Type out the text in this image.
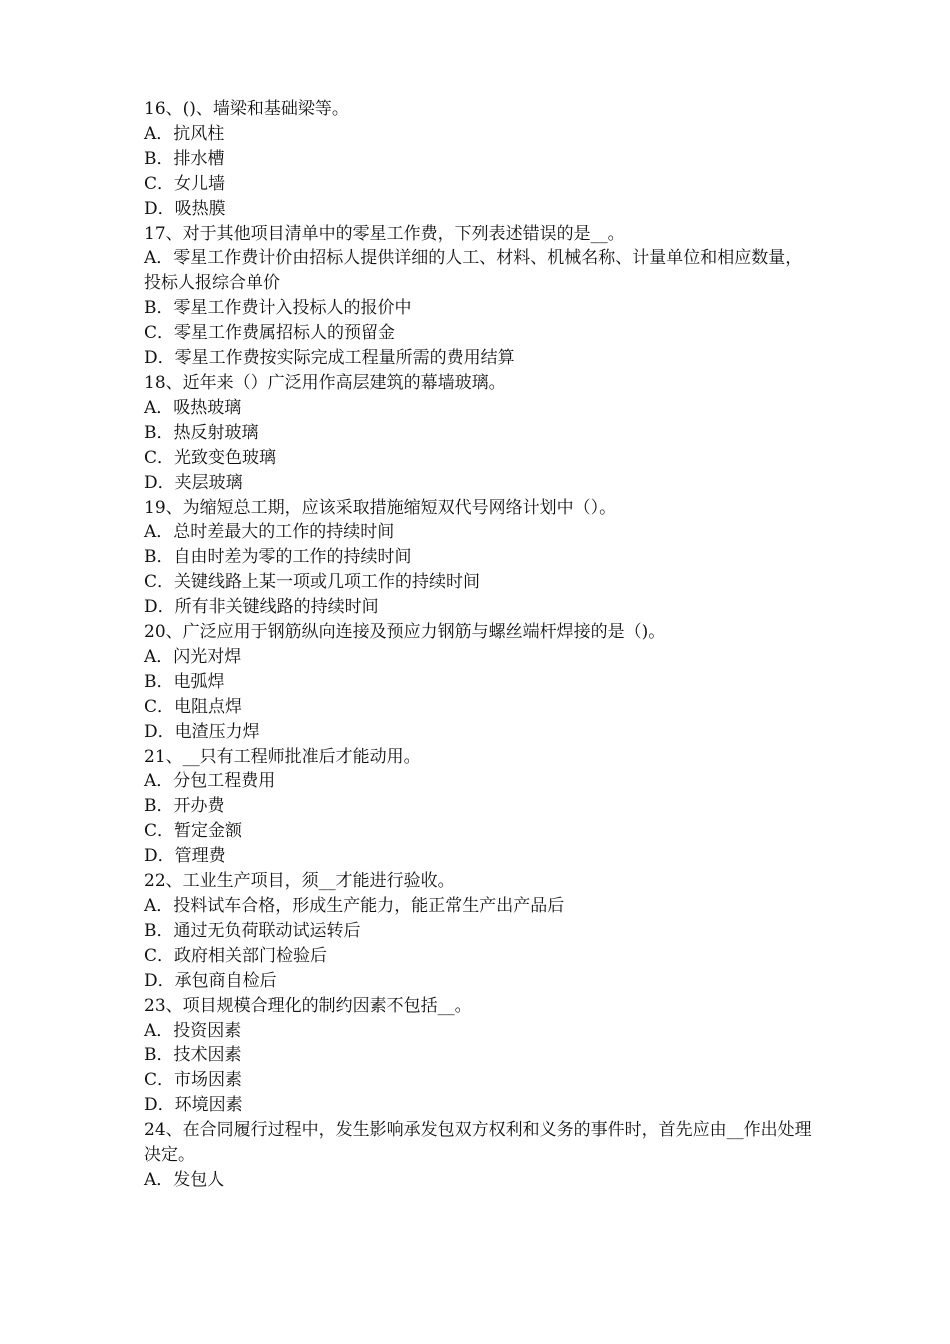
16、()、墙梁和基础梁等。

A．抗风柱

B．排水槽

C．女儿墙

D．吸热膜

17、对于其他项目清单中的零星工作费，下列表述错误的是__。

A．零星工作费计价由招标人提供详细的人工、材料、机械名称、计量单位和相应数量，投标人报综合单价

B．零星工作费计入投标人的报价中

C．零星工作费属招标人的预留金

D．零星工作费按实际完成工程量所需的费用结算

18、近年来（）广泛用作高层建筑的幕墙玻璃。

A．吸热玻璃

B．热反射玻璃

C．光致变色玻璃

D．夹层玻璃

19、为缩短总工期，应该采取措施缩短双代号网络计划中（）。

A．总时差最大的工作的持续时间

B．自由时差为零的工作的持续时间

C．关键线路上某一项或几项工作的持续时间

D．所有非关键线路的持续时间

20、广泛应用于钢筋纵向连接及预应力钢筋与螺丝端杆焊接的是（)。

A．闪光对焊

B．电弧焊

C．电阻点焊

D．电渣压力焊

21、__只有工程师批准后才能动用。

A．分包工程费用

B．开办费

C．暂定金额

D．管理费

22、工业生产项目，须__才能进行验收。

A．投料试车合格，形成生产能力，能正常生产出产品后

B．通过无负荷联动试运转后

C．政府相关部门检验后

D．承包商自检后

23、项目规模合理化的制约因素不包括__。

A．投资因素

B．技术因素

C．市场因素

D．环境因素

24、在合同履行过程中，发生影响承发包双方权利和义务的事件时，首先应由__作出处理决定。

A．发包人
